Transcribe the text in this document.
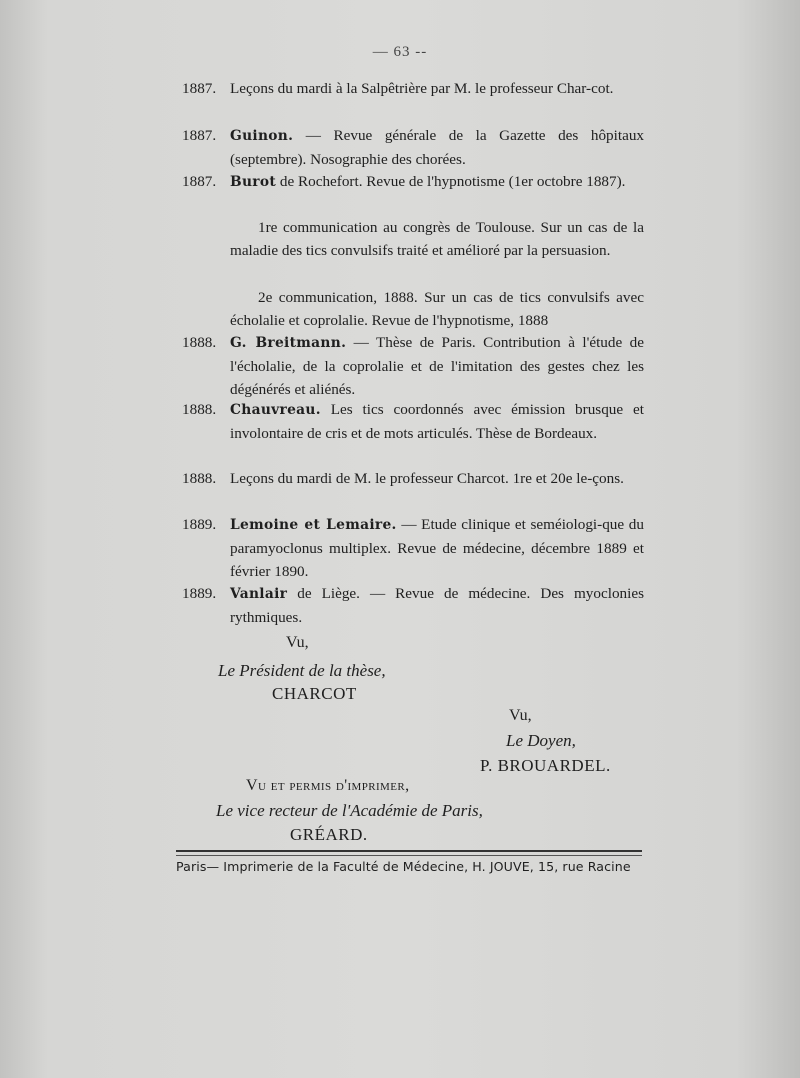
— 63 --
1887. Leçons du mardi à la Salpêtrière par M. le professeur Char-cot.
1887. Guinon. — Revue générale de la Gazette des hôpitaux (septembre). Nosographie des chorées.
1887. Burot de Rochefort. Revue de l'hypnotisme (1er octobre 1887).
1re communication au congrès de Toulouse. Sur un cas de la maladie des tics convulsifs traité et amélioré par la persuasion.
2e communication, 1888. Sur un cas de tics convulsifs avec écholalie et coprolalie. Revue de l'hypnotisme, 1888
1888. G. Breitmann. — Thèse de Paris. Contribution à l'étude de l'écholalie, de la coprolalie et de l'imitation des gestes chez les dégénérés et aliénés.
1888. Chauvreau. Les tics coordonnés avec émission brusque et involontaire de cris et de mots articulés. Thèse de Bordeaux.
1888. Leçons du mardi de M. le professeur Charcot. 1re et 20e le-çons.
1889. Lemoine et Lemaire. — Etude clinique et seméiologi-que du paramyoclonus multiplex. Revue de médecine, décembre 1889 et février 1890.
1889. Vanlair de Liège. — Revue de médecine. Des myoclonies rythmiques.
Vu,
Le Président de la thèse,
CHARCOT
Vu,
Le Doyen,
P. BROUARDEL.
Vu et permis d'imprimer,
Le vice recteur de l'Académie de Paris,
GRÉARD.
Paris— Imprimerie de la Faculté de Médecine, H. JOUVE, 15, rue Racine
